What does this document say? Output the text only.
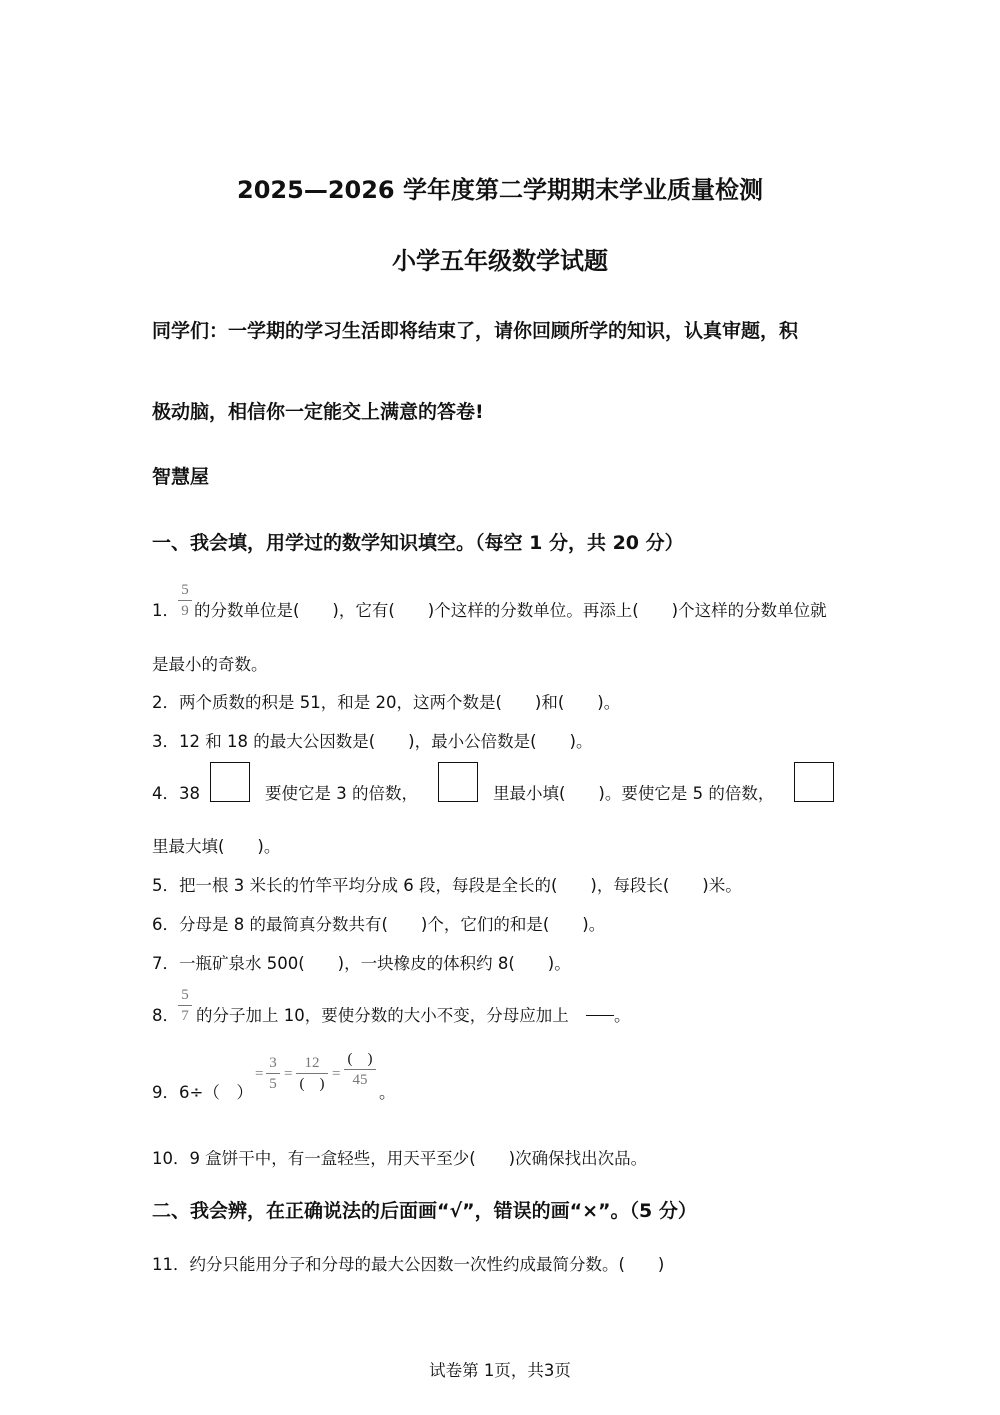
2025—2026 学年度第二学期期末学业质量检测
小学五年级数学试题
同学们：一学期的学习生活即将结束了，请你回顾所学的知识，认真审题，积
极动脑，相信你一定能交上满意的答卷!
智慧屋
一、我会填，用学过的数学知识填空。（每空 1 分，共 20 分）
1．
5
9 的分数单位是(　　)，它有(　　)个这样的分数单位。再添上(　　)个这样的分数单位就
是最小的奇数。
2．两个质数的积是 51，和是 20，这两个数是(　　)和(　　)。
3．12 和 18 的最大公因数是(　　)，最小公倍数是(　　)。
4．38	要使它是 3 的倍数，	里最小填(　　)。要使它是 5 的倍数，
里最大填(　　)。
5．把一根 3 米长的竹竿平均分成 6 段，每段是全长的(　　)，每段长(　　)米。
6．分母是 8 的最简真分数共有(　　)个，它们的和是(　　)。
7．一瓶矿泉水 500(　　)，一块橡皮的体积约 8(　　)。
8．
5
7 的分子加上 10，要使分数的大小不变，分母应加上	。
9．6÷（　）
=
3
5
=
12
(　)
=
(　)
45
。
10．9 盒饼干中，有一盒轻些，用天平至少(　　)次确保找出次品。
二、我会辨，在正确说法的后面画“√”，错误的画“×”。（5 分）
11．约分只能用分子和分母的最大公因数一次性约成最简分数。(　　)
试卷第 1页，共3页
